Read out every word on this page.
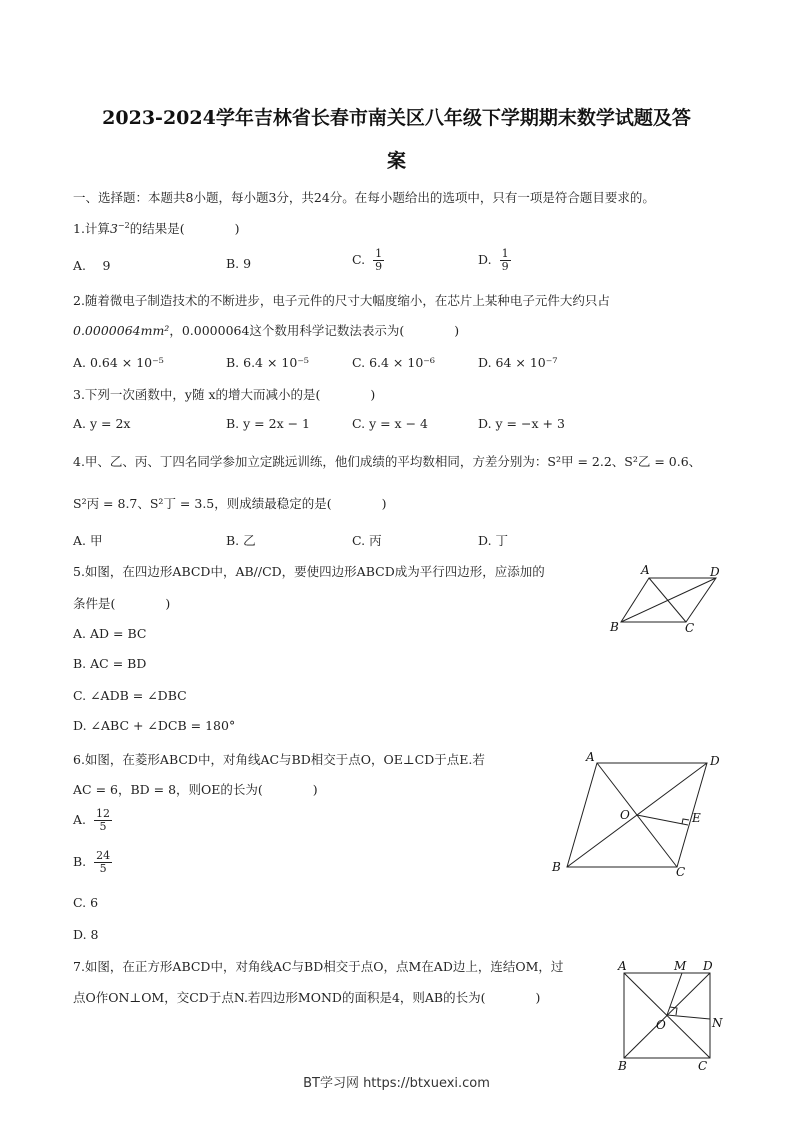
2023-2024学年吉林省长春市南关区八年级下学期期末数学试题及答
案
一、选择题：本题共8小题，每小题3分，共24分。在每小题给出的选项中，只有一项是符合题目要求的。
1.计算$3^{-2}$的结果是(　　　　)
A.　 9	B. 9	C. $\frac{1}{9}$	D. $\frac{1}{9}$
2.随着微电子制造技术的不断进步，电子元件的尺寸大幅度缩小，在芯片上某种电子元件大约只占
0.0000064mm²，0.0000064这个数用科学记数法表示为(　　　　)
A. 0.64 × 10⁻⁵	B. 6.4 × 10⁻⁵	C. 6.4 × 10⁻⁶	D. 64 × 10⁻⁷
3.下列一次函数中，y随 x的增大而减小的是(　　　　)
A. y = 2x	B. y = 2x − 1	C. y = x − 4	D. y = −x + 3
4.甲、乙、丙、丁四名同学参加立定跳远训练，他们成绩的平均数相同，方差分别为：S²甲 = 2.2、S²乙 = 0.6、
S²丙 = 8.7、S²丁 = 3.5，则成绩最稳定的是(　　　　)
A. 甲	B. 乙	C. 丙	D. 丁
5.如图，在四边形ABCD中，AB//CD，要使四边形ABCD成为平行四边形，应添加的
条件是(　　　　)
A. AD = BC
B. AC = BD
C. ∠ADB = ∠DBC
D. ∠ABC + ∠DCB = 180°
A	D
B	C
6.如图，在菱形ABCD中，对角线AC与BD相交于点O，OE⊥CD于点E.若
AC = 6，BD = 8，则OE的长为(　　　　)
A. $\frac{12}{5}$
B. $\frac{24}{5}$
C. 6
D. 8
A	D
O	E
B	C
7.如图，在正方形ABCD中，对角线AC与BD相交于点O，点M在AD边上，连结OM，过
点O作ON⊥OM，交CD于点N.若四边形MOND的面积是4，则AB的长为(　　　　)
A	M D
N
O
B	C
BT学习网 https://btxuexi.com
